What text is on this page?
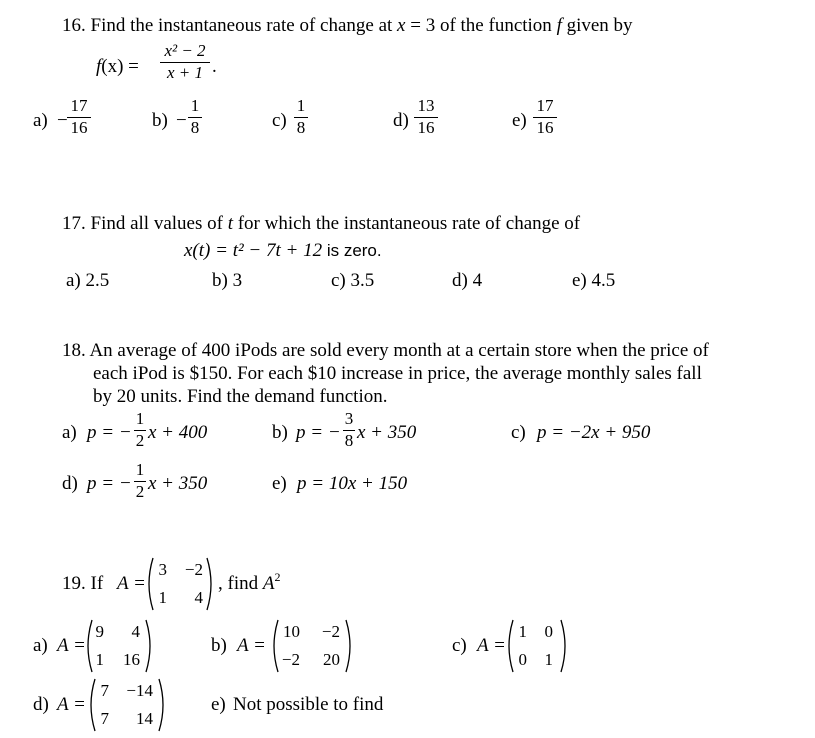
16. Find the instantaneous rate of change at x = 3 of the function f given by
f(x) =
x² − 2
x + 1 .
a) −
17
16	b) −
1
8	c)
1
8	d)
13
16	e)
17
16
17. Find all values of t for which the instantaneous rate of change of
x(t) = t² − 7t + 12 is zero.
a) 2.5	b) 3	c) 3.5	d) 4	e) 4.5
18. An average of 400 iPods are sold every month at a certain store when the price of
each iPod is $150. For each $10 increase in price, the average monthly sales fall
by 20 units. Find the demand function.
a) p = −
1
2 x + 400	b) p = −
3
8 x + 350	c) p = −2x + 950
d) p = −
1
2 x + 350	e) p = 10x + 150
19. If A =
3 −2
1	4
, find $A^2$
a) A =
9	4
1 16
b) A =
10	−2
−2	20
c) A =
1 0
0 1
d) A =
7	−14
7	14
e) Not possible to find
